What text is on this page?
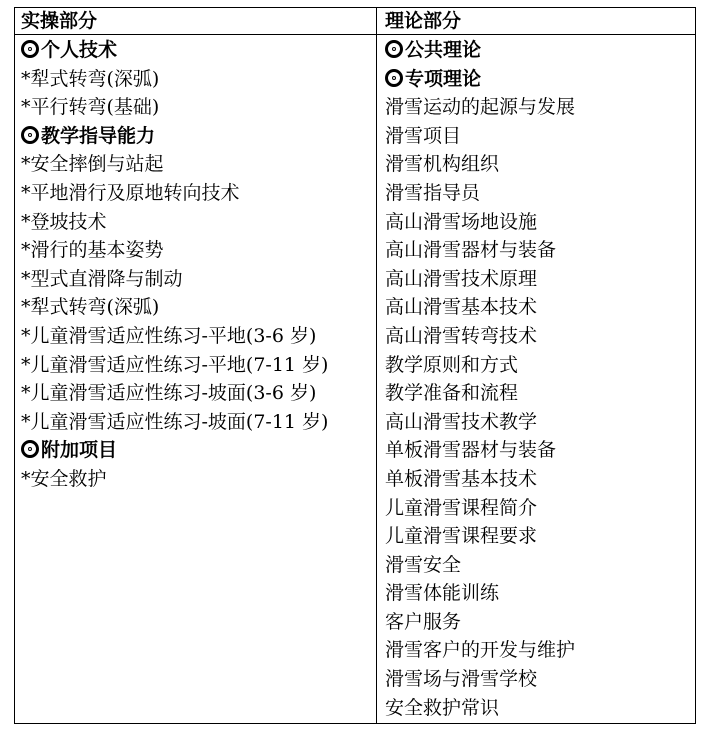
实操部分	理论部分
个人技术
*犁式转弯(深弧)
*平行转弯(基础)
教学指导能力
*安全摔倒与站起
*平地滑行及原地转向技术
*登坡技术
*滑行的基本姿势
*型式直滑降与制动
*犁式转弯(深弧)
*儿童滑雪适应性练习-平地(3-6 岁)
*儿童滑雪适应性练习-平地(7-11 岁)
*儿童滑雪适应性练习-坡面(3-6 岁)
*儿童滑雪适应性练习-坡面(7-11 岁)
附加项目
*安全救护
公共理论
专项理论
滑雪运动的起源与发展
滑雪项目
滑雪机构组织
滑雪指导员
高山滑雪场地设施
高山滑雪器材与装备
高山滑雪技术原理
高山滑雪基本技术
高山滑雪转弯技术
教学原则和方式
教学准备和流程
高山滑雪技术教学
单板滑雪器材与装备
单板滑雪基本技术
儿童滑雪课程简介
儿童滑雪课程要求
滑雪安全
滑雪体能训练
客户服务
滑雪客户的开发与维护
滑雪场与滑雪学校
安全救护常识
